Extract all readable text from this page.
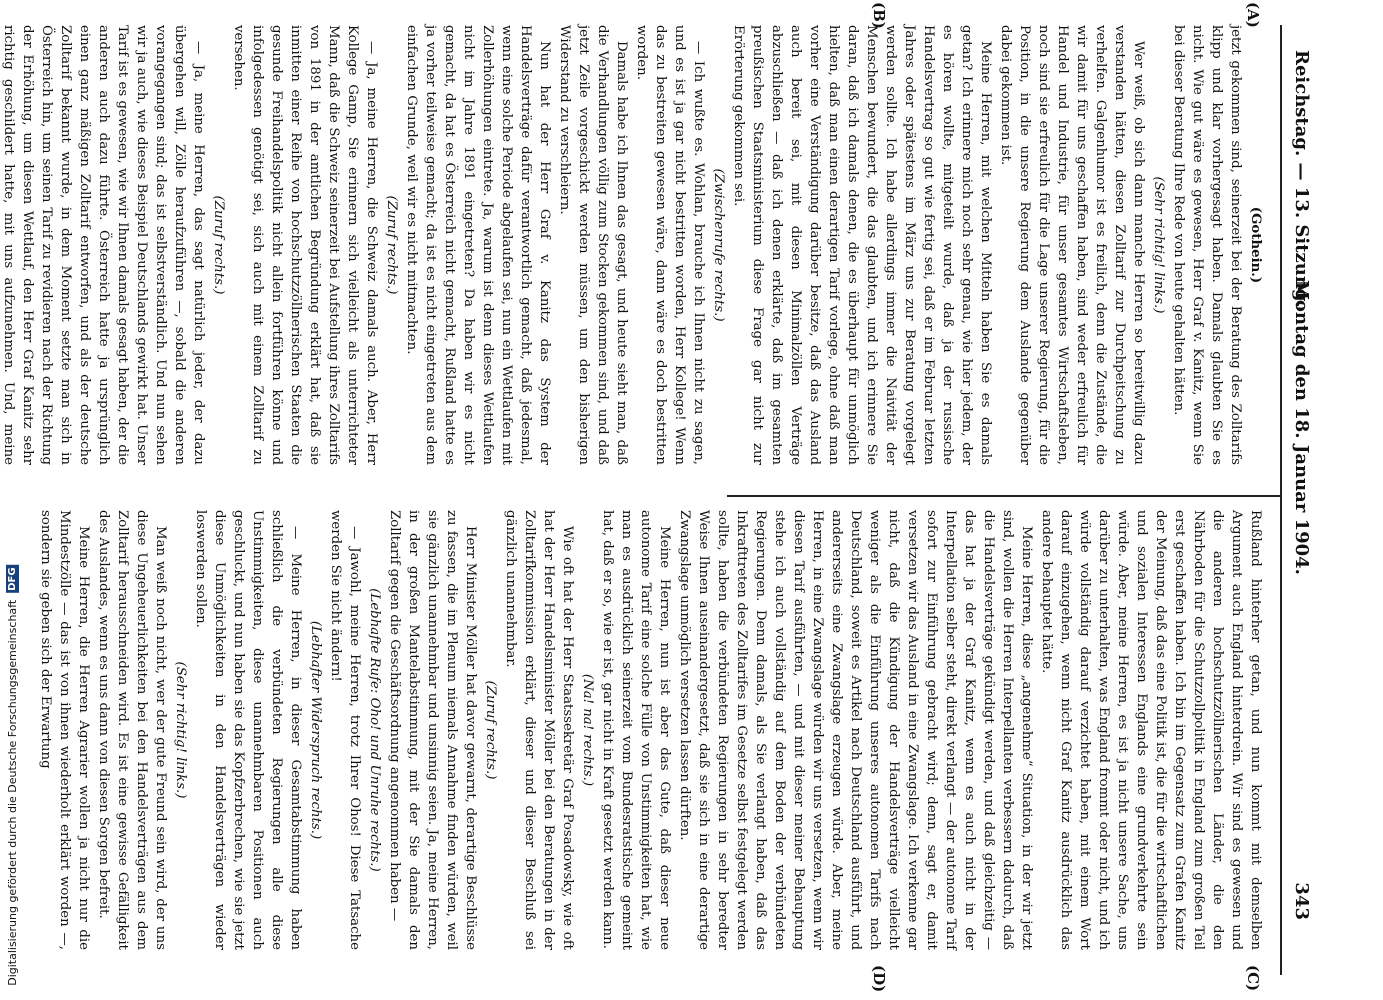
Reichstag. — 13. Sitzung.
Montag den 18. Januar 1904.
343
(A)
(B)
(C)
(D)

(Gothein.)

jetzt gekommen sind, seinerzeit bei der Beratung des Zolltarifs klipp und klar vorhergesagt haben. Damals glaubten Sie es nicht. Wie gut wäre es gewesen, Herr Graf v. Kanitz, wenn Sie bei dieser Beratung Ihre Rede von heute gehalten hätten.

(Sehr richtig! links.)

Wer weiß, ob sich dann manche Herren so bereitwillig dazu verstanden hätten, diesen Zolltarif zur Durchpeitschung zu verhelfen. Galgenhumor ist es freilich, denn die Zustände, die wir damit für uns geschaffen haben, sind weder erfreulich für Handel und Industrie, für unser gesamtes Wirtschaftsleben, noch sind sie erfreulich für die Lage unserer Regierung, für die Position, in die unsere Regierung dem Auslande gegenüber dabei gekommen ist.

Meine Herren, mit welchen Mitteln haben Sie es damals getan? Ich erinnere mich noch sehr genau, wie hier jedem, der es hören wollte, mitgeteilt wurde, daß ja der russische Handelsvertrag so gut wie fertig sei, daß er im Februar letzten Jahres oder spätestens im März uns zur Beratung vorgelegt werden sollte. Ich habe allerdings immer die Naivität der Menschen bewundert, die das glaubten, und ich erinnere Sie daran, daß ich damals denen, die es überhaupt für unmöglich hielten, daß man einen derartigen Tarif vorlege, ohne daß man vorher eine Verständigung darüber besitze, daß das Ausland auch bereit sei, mit diesen Minimalzöllen Verträge abzuschließen — daß ich denen erklärte, daß im gesamten preußischen Staatsministerium diese Frage gar nicht zur Erörterung gekommen sei.

(Zwischenrufe rechts.)

— Ich wußte es. Wohlan, brauche ich Ihnen nicht zu sagen, und es ist ja gar nicht bestritten worden, Herr Kollege! Wenn das zu bestreiten gewesen wäre, dann wäre es doch bestritten worden.

Damals habe ich Ihnen das gesagt, und heute sieht man, daß die Verhandlungen völlig zum Stocken gekommen sind, und daß jetzt Zeile vorgeschickt werden müssen, um den bisherigen Widerstand zu verschleiern.

Nun hat der Herr Graf v. Kanitz das System der Handelsverträge dafür verantwortlich gemacht, daß jedesmal, wenn eine solche Periode abgelaufen sei, nun ein Wettlaufen mit Zollerhöhungen eintrete. Ja, warum ist denn dieses Wettlaufen nicht im Jahre 1891 eingetreten? Da haben wir es nicht gemacht, da hat es Österreich nicht gemacht, Rußland hatte es ja vorher teilweise gemacht; da ist es nicht eingetreten aus dem einfachen Grunde, weil wir es nicht mitmachten.

(Zuruf rechts.)

— Ja, meine Herren, die Schweiz damals auch. Aber, Herr Kollege Gamp, Sie erinnern sich vielleicht als unterrichteter Mann, daß die Schweiz seinerzeit bei Aufstellung ihres Zolltarifs von 1891 in der amtlichen Begründung erklärt hat, daß sie inmitten einer Reihe von hochschutzzöllnerischen Staaten die gesunde Freihandelspolitik nicht allein fortführen könne und infolgedessen genötigt sei, sich auch mit einem Zolltarif zu versehen.

(Zuruf rechts.)

— Ja, meine Herren, das sagt natürlich jeder, der dazu übergehen will, Zölle heraufzuführen —, sobald die anderen vorangegangen sind; das ist selbstverständlich. Und nun sehen wir ja auch, wie dieses Beispiel Deutschlands gewirkt hat. Unser Tarif ist es gewesen, wie wir Ihnen damals gesagt haben, der die anderen auch dazu führte. Österreich hatte ja ursprünglich einen ganz mäßigen Zolltarif entworfen, und als der deutsche Zolltarif bekannt wurde, in dem Moment setzte man sich in Österreich hin, um seinen Tarif zu revidieren nach der Richtung der Erhöhung, um diesen Wettlauf, den Herr Graf Kanitz sehr richtig geschildert hatte, mit uns aufzunehmen. Und, meine

Rußland hinterher getan, und nun kommt mit demselben Argument auch England hinterdrein. Wir sind es gewesen und die anderen hochschutzzöllnerischen Länder, die den Nährboden für die Schutzzollpolitik in England zum großen Teil erst geschaffen haben. Ich bin im Gegensatz zum Grafen Kanitz der Meinung, daß das eine Politik ist, die für die wirtschaftlichen und sozialen Interessen Englands eine grundverkehrte sein würde. Aber, meine Herren, es ist ja nicht unsere Sache, uns darüber zu unterhalten, was England frommt oder nicht, und ich würde vollständig darauf verzichtet haben, mit einem Wort darauf einzugehen, wenn nicht Graf Kanitz ausdrücklich das andere behauptet hätte.

Meine Herren, diese „angenehme“ Situation, in der wir jetzt sind, wollen die Herren Interpellanten verbessern dadurch, daß die Handelsverträge gekündigt werden, und daß gleichzeitig — das hat ja der Graf Kanitz, wenn es auch nicht in der Interpellation selber steht, direkt verlangt — der autonome Tarif sofort zur Einführung gebracht wird; denn, sagt er, damit versetzen wir das Ausland in eine Zwangslage. Ich verkenne gar nicht, daß die Kündigung der Handelsverträge vielleicht weniger als die Einführung unseres autonomen Tarifs nach Deutschland, soweit es Artikel nach Deutschland ausführt, und andererseits eine Zwangslage erzeugen würde. Aber, meine Herren, in eine Zwangslage würden wir uns versetzen, wenn wir diesen Tarif ausführten, — und mit dieser meiner Behauptung stehe ich auch vollständig auf dem Boden der verbündeten Regierungen. Denn damals, als Sie verlangt haben, daß das Inkrafttreten des Zolltarifes im Gesetze selbst festgelegt werden sollte, haben die verbündeten Regierungen in sehr beredter Weise Ihnen auseinandergesetzt, daß sie sich in eine derartige Zwangslage unmöglich versetzen lassen dürften.

Meine Herren, nun ist aber das Gute, daß dieser neue autonome Tarif eine solche Fülle von Unstimmigkeiten hat, wie man es ausdrücklich seinerzeit vom Bundesratstische gemeint hat, daß er so, wie er ist, gar nicht in Kraft gesetzt werden kann.

(Na! na! rechts.)

Wie oft hat der Herr Staatssekretär Graf Posadowsky, wie oft hat der Herr Handelsminister Möller bei den Beratungen in der Zolltarifkommission erklärt, dieser und dieser Beschluß sei gänzlich unannehmbar.

(Zuruf rechts.)

Herr Minister Möller hat davor gewarnt, derartige Beschlüsse zu fassen, die im Plenum niemals Annahme finden würden, weil sie gänzlich unannehmbar und unsinnig seien. Ja, meine Herren, in der großen Mantelabstimmung, mit der Sie damals den Zolltarif gegen die Geschäftsordnung angenommen haben —

(Lebhafte Rufe: Oho! und Unruhe rechts.)

— Jawohl, meine Herren, trotz Ihrer Ohos! Diese Tatsache werden Sie nicht ändern!

(Lebhafter Widerspruch rechts.)

— Meine Herren, in dieser Gesamtabstimmung haben schließlich die verbündeten Regierungen alle diese Unstimmigkeiten, diese unannehmbaren Positionen auch geschluckt, und nun haben sie das Kopfzerbrechen, wie sie jetzt diese Unmöglichkeiten in den Handelsverträgen wieder loswerden sollen.

(Sehr richtig! links.)

Man weiß noch nicht, wer der gute Freund sein wird, der uns diese Ungeheuerlichkeiten bei den Handelsverträgen aus dem Zolltarif herausschneiden wird. Es ist eine gewisse Gefälligkeit des Auslandes, wenn es uns dann von diesen Sorgen befreit.

Meine Herren, die Herren Agrarier wollen ja nicht nur die Mindestzölle — das ist von ihnen wiederholt erklärt worden —, sondern sie geben sich der Erwartung

Digitalisierung gefördert durch die Deutsche Forschungsgemeinschaft DFG
